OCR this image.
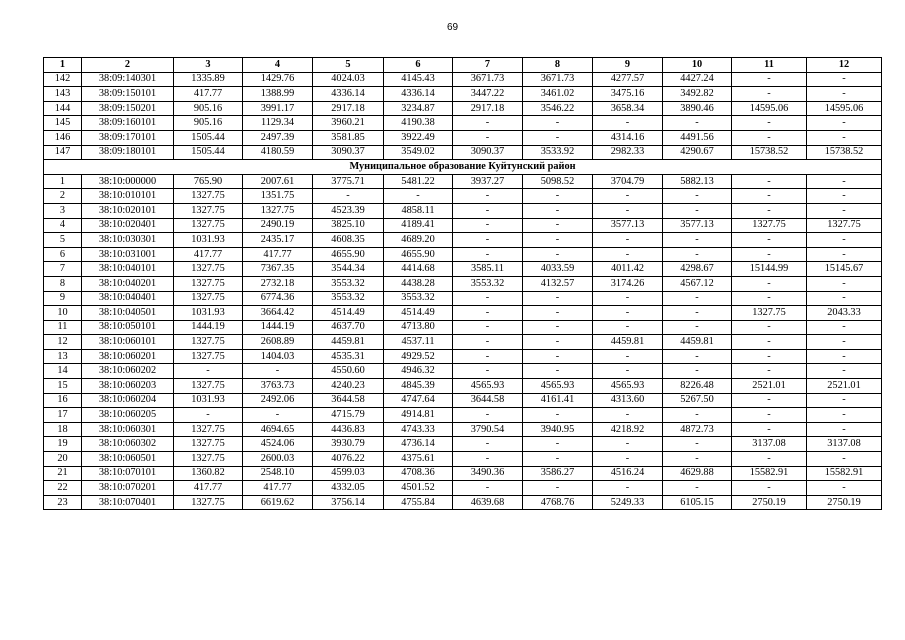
69
1	2	3	4	5	6	7	8	9	10	11	12
142	38:09:140301	1335.89	1429.76	4024.03	4145.43	3671.73	3671.73	4277.57	4427.24	-	-
143	38:09:150101	417.77	1388.99	4336.14	4336.14	3447.22	3461.02	3475.16	3492.82	-	-
144	38:09:150201	905.16	3991.17	2917.18	3234.87	2917.18	3546.22	3658.34	3890.46	14595.06	14595.06
145	38:09:160101	905.16	1129.34	3960.21	4190.38	-	-	-	-	-	-
146	38:09:170101	1505.44	2497.39	3581.85	3922.49	-	-	4314.16	4491.56	-	-
147	38:09:180101	1505.44	4180.59	3090.37	3549.02	3090.37	3533.92	2982.33	4290.67	15738.52	15738.52
Муниципальное образование Куйтунский район											
1	38:10:000000	765.90	2007.61	3775.71	5481.22	3937.27	5098.52	3704.79	5882.13	-	-
2	38:10:010101	1327.75	1351.75	-	-	-	-	-	-	-	-
3	38:10:020101	1327.75	1327.75	4523.39	4858.11	-	-	-	-	-	-
4	38:10:020401	1327.75	2490.19	3825.10	4189.41	-	-	3577.13	3577.13	1327.75	1327.75
5	38:10:030301	1031.93	2435.17	4608.35	4689.20	-	-	-	-	-	-
6	38:10:031001	417.77	417.77	4655.90	4655.90	-	-	-	-	-	-
7	38:10:040101	1327.75	7367.35	3544.34	4414.68	3585.11	4033.59	4011.42	4298.67	15144.99	15145.67
8	38:10:040201	1327.75	2732.18	3553.32	4438.28	3553.32	4132.57	3174.26	4567.12	-	-
9	38:10:040401	1327.75	6774.36	3553.32	3553.32	-	-	-	-	-	-
10	38:10:040501	1031.93	3664.42	4514.49	4514.49	-	-	-	-	1327.75	2043.33
11	38:10:050101	1444.19	1444.19	4637.70	4713.80	-	-	-	-	-	-
12	38:10:060101	1327.75	2608.89	4459.81	4537.11	-	-	4459.81	4459.81	-	-
13	38:10:060201	1327.75	1404.03	4535.31	4929.52	-	-	-	-	-	-
14	38:10:060202	-	-	4550.60	4946.32	-	-	-	-	-	-
15	38:10:060203	1327.75	3763.73	4240.23	4845.39	4565.93	4565.93	4565.93	8226.48	2521.01	2521.01
16	38:10:060204	1031.93	2492.06	3644.58	4747.64	3644.58	4161.41	4313.60	5267.50	-	-
17	38:10:060205	-	-	4715.79	4914.81	-	-	-	-	-	-
18	38:10:060301	1327.75	4694.65	4436.83	4743.33	3790.54	3940.95	4218.92	4872.73	-	-
19	38:10:060302	1327.75	4524.06	3930.79	4736.14	-	-	-	-	3137.08	3137.08
20	38:10:060501	1327.75	2600.03	4076.22	4375.61	-	-	-	-	-	-
21	38:10:070101	1360.82	2548.10	4599.03	4708.36	3490.36	3586.27	4516.24	4629.88	15582.91	15582.91
22	38:10:070201	417.77	417.77	4332.05	4501.52	-	-	-	-	-	-
23	38:10:070401	1327.75	6619.62	3756.14	4755.84	4639.68	4768.76	5249.33	6105.15	2750.19	2750.19
